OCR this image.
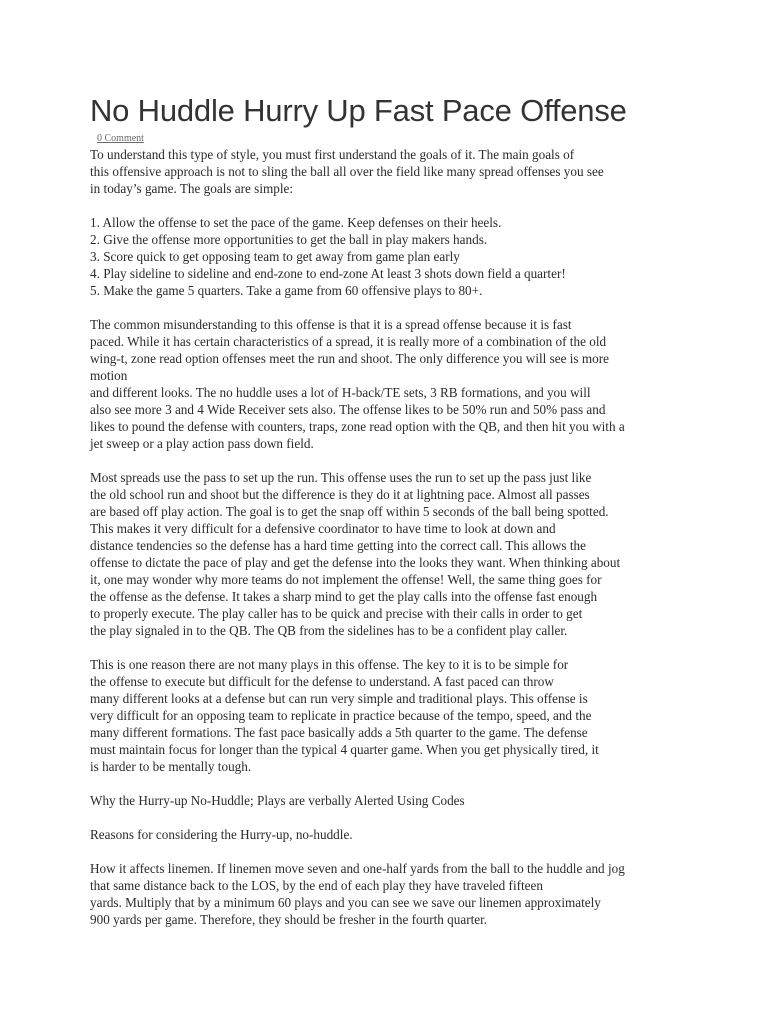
No Huddle Hurry Up Fast Pace Offense
0 Comment
To understand this type of style, you must first understand the goals of it. The main goals of
this offensive approach is not to sling the ball all over the field like many spread offenses you see
in today’s game. The goals are simple:
1. Allow the offense to set the pace of the game. Keep defenses on their heels.
2. Give the offense more opportunities to get the ball in play makers hands.
3. Score quick to get opposing team to get away from game plan early
4. Play sideline to sideline and end-zone to end-zone At least 3 shots down field a quarter!
5. Make the game 5 quarters. Take a game from 60 offensive plays to 80+.
The common misunderstanding to this offense is that it is a spread offense because it is fast
paced. While it has certain characteristics of a spread, it is really more of a combination of the old
wing-t, zone read option offenses meet the run and shoot. The only difference you will see is more
motion
and different looks. The no huddle uses a lot of H-back/TE sets, 3 RB formations, and you will
also see more 3 and 4 Wide Receiver sets also. The offense likes to be 50% run and 50% pass and
likes to pound the defense with counters, traps, zone read option with the QB, and then hit you with a
jet sweep or a play action pass down field.
Most spreads use the pass to set up the run. This offense uses the run to set up the pass just like
the old school run and shoot but the difference is they do it at lightning pace. Almost all passes
are based off play action. The goal is to get the snap off within 5 seconds of the ball being spotted.
This makes it very difficult for a defensive coordinator to have time to look at down and
distance tendencies so the defense has a hard time getting into the correct call. This allows the
offense to dictate the pace of play and get the defense into the looks they want. When thinking about
it, one may wonder why more teams do not implement the offense! Well, the same thing goes for
the offense as the defense. It takes a sharp mind to get the play calls into the offense fast enough
to properly execute. The play caller has to be quick and precise with their calls in order to get
the play signaled in to the QB. The QB from the sidelines has to be a confident play caller.
This is one reason there are not many plays in this offense. The key to it is to be simple for
the offense to execute but difficult for the defense to understand. A fast paced can throw
many different looks at a defense but can run very simple and traditional plays. This offense is
very difficult for an opposing team to replicate in practice because of the tempo, speed, and the
many different formations. The fast pace basically adds a 5th quarter to the game. The defense
must maintain focus for longer than the typical 4 quarter game. When you get physically tired, it
is harder to be mentally tough.
Why the Hurry-up No-Huddle; Plays are verbally Alerted Using Codes
Reasons for considering the Hurry-up, no-huddle.
How it affects linemen. If linemen move seven and one-half yards from the ball to the huddle and jog
that same distance back to the LOS, by the end of each play they have traveled fifteen
yards. Multiply that by a minimum 60 plays and you can see we save our linemen approximately
900 yards per game. Therefore, they should be fresher in the fourth quarter.
